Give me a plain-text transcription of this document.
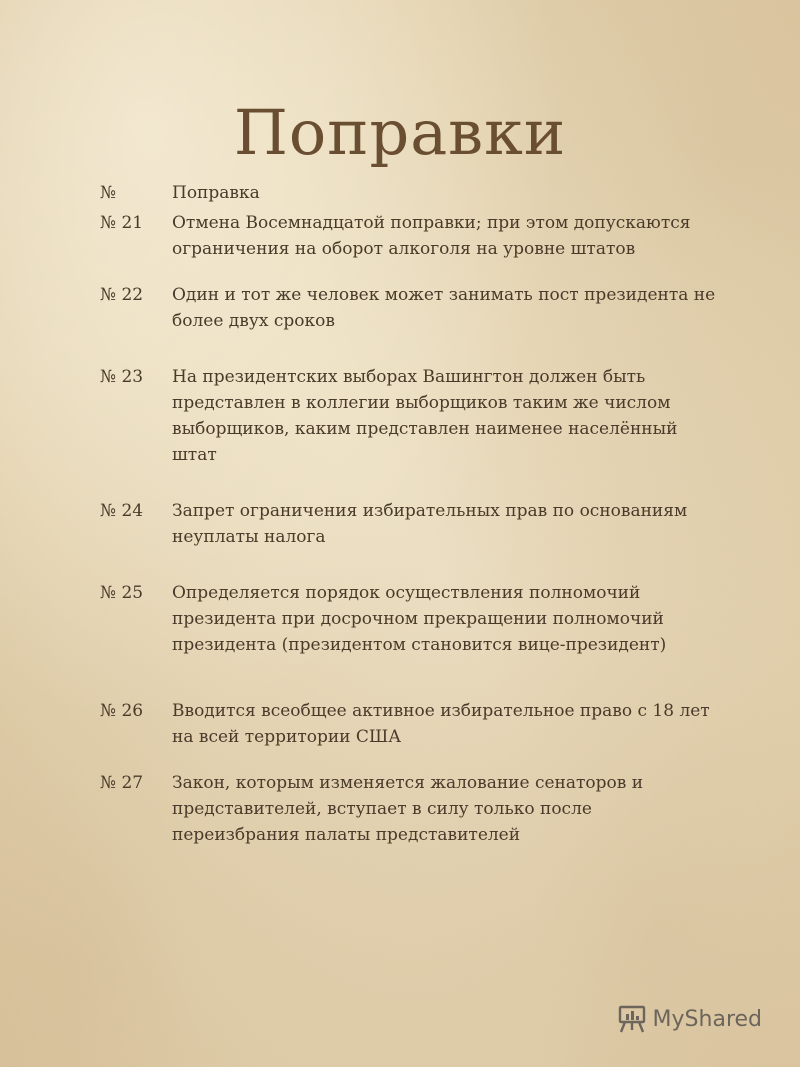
Поправки
№	Поправка
№ 21	Отмена Восемнадцатой поправки; при этом допускаются ограничения на оборот алкоголя на уровне штатов
№ 22	Один и тот же человек может занимать пост президента не более двух сроков
№ 23	На президентских выборах Вашингтон должен быть представлен в коллегии выборщиков таким же числом выборщиков, каким представлен наименее населённый штат
№ 24	Запрет ограничения избирательных прав по основаниям неуплаты налога
№ 25	Определяется порядок осуществления полномочий президента при досрочном прекращении полномочий президента (президентом становится вице-президент)
№ 26	Вводится всеобщее активное избирательное право с 18 лет на всей территории США
№ 27	Закон, которым изменяется жалование сенаторов и представителей, вступает в силу только после переизбрания палаты представителей
MyShared
